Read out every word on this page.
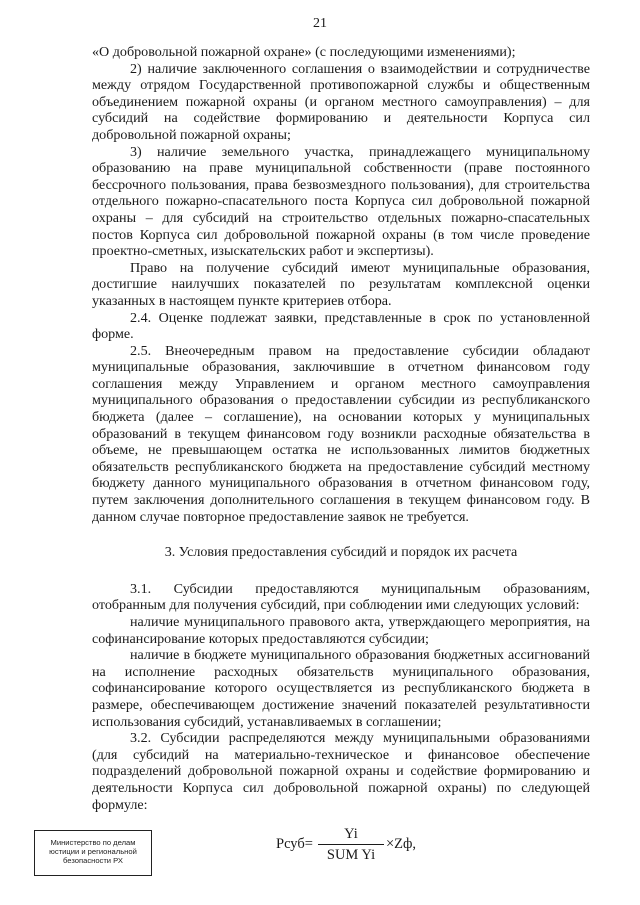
21

«О добровольной пожарной охране» (с последующими изменениями);

2) наличие заключенного соглашения о взаимодействии и сотрудничестве между отрядом Государственной противопожарной службы и общественным объединением пожарной охраны (и органом местного самоуправления) – для субсидий на содействие формированию и деятельности Корпуса сил добровольной пожарной охраны;

3) наличие земельного участка, принадлежащего муниципальному образованию на праве муниципальной собственности (праве постоянного бессрочного пользования, права безвозмездного пользования), для строительства отдельного пожарно-спасательного поста Корпуса сил добровольной пожарной охраны – для субсидий на строительство отдельных пожарно-спасательных постов Корпуса сил добровольной пожарной охраны (в том числе проведение проектно-сметных, изыскательских работ и экспертизы).

Право на получение субсидий имеют муниципальные образования, достигшие наилучших показателей по результатам комплексной оценки указанных в настоящем пункте критериев отбора.

2.4. Оценке подлежат заявки, представленные в срок по установленной форме.

2.5. Внеочередным правом на предоставление субсидии обладают муниципальные образования, заключившие в отчетном финансовом году соглашения между Управлением и органом местного самоуправления муниципального образования о предоставлении субсидии из республиканского бюджета (далее – соглашение), на основании которых у муниципальных образований в текущем финансовом году возникли расходные обязательства в объеме, не превышающем остатка не использованных лимитов бюджетных обязательств республиканского бюджета на предоставление субсидий местному бюджету данного муниципального образования в отчетном финансовом году, путем заключения дополнительного соглашения в текущем финансовом году. В данном случае повторное предоставление заявок не требуется.

3. Условия предоставления субсидий и порядок их расчета

3.1. Субсидии предоставляются муниципальным образованиям, отобранным для получения субсидий, при соблюдении ими следующих условий:

наличие муниципального правового акта, утверждающего мероприятия, на софинансирование которых предоставляются субсидии;

наличие в бюджете муниципального образования бюджетных ассигнований на исполнение расходных обязательств муниципального образования, софинансирование которого осуществляется из республиканского бюджета в размере, обеспечивающем достижение значений показателей результативности использования субсидий, устанавливаемых в соглашении;

3.2. Субсидии распределяются между муниципальными образованиями (для субсидий на материально-техническое и финансовое обеспечение подразделений добровольной пожарной охраны и содействие формированию и деятельности Корпуса сил добровольной пожарной охраны) по следующей формуле:

Рсуб=
Yi
SUM Yi
×Zф,
Министерство по делам
юстиции и региональной
безопасности РХ
